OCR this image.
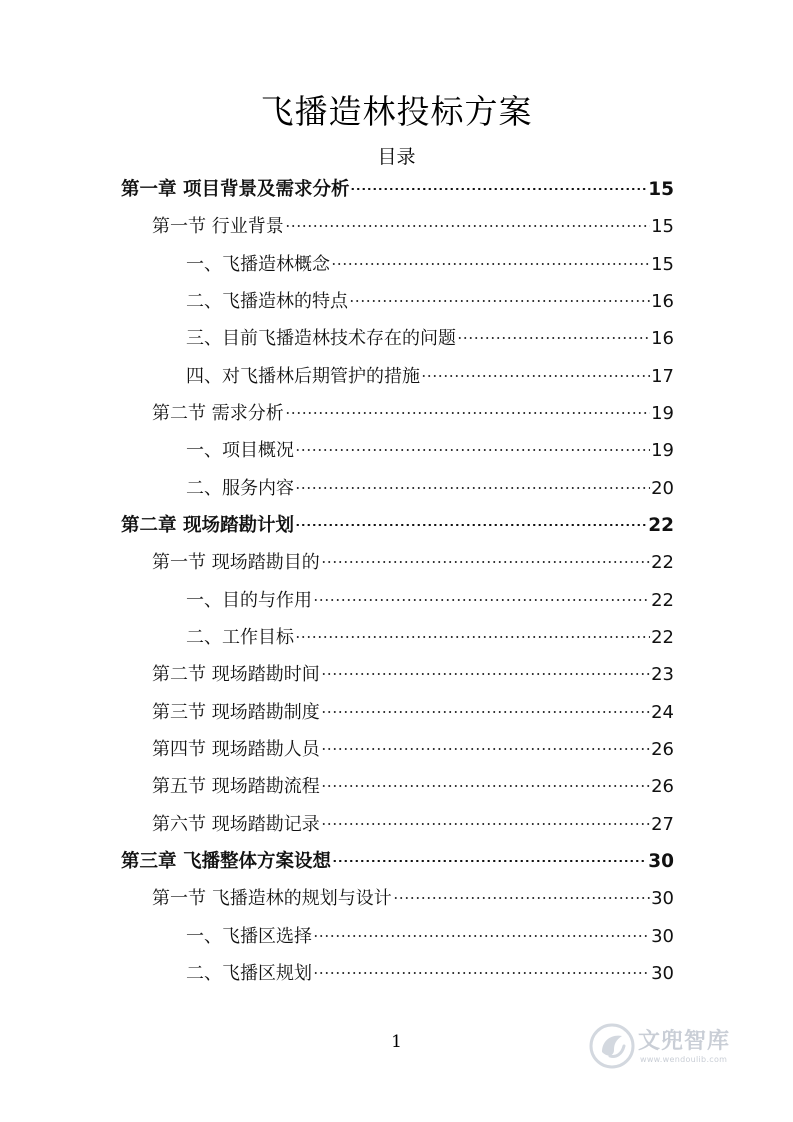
飞播造林投标方案
目录
第一章 项目背景及需求分析	15
第一节 行业背景	15
一、飞播造林概念	15
二、飞播造林的特点	16
三、目前飞播造林技术存在的问题	16
四、对飞播林后期管护的措施	17
第二节 需求分析	19
一、项目概况	19
二、服务内容	20
第二章 现场踏勘计划	22
第一节 现场踏勘目的	22
一、目的与作用	22
二、工作目标	22
第二节 现场踏勘时间	23
第三节 现场踏勘制度	24
第四节 现场踏勘人员	26
第五节 现场踏勘流程	26
第六节 现场踏勘记录	27
第三章 飞播整体方案设想	30
第一节 飞播造林的规划与设计	30
一、飞播区选择	30
二、飞播区规划	30
1	文兜智库
www.wendoulib.com
